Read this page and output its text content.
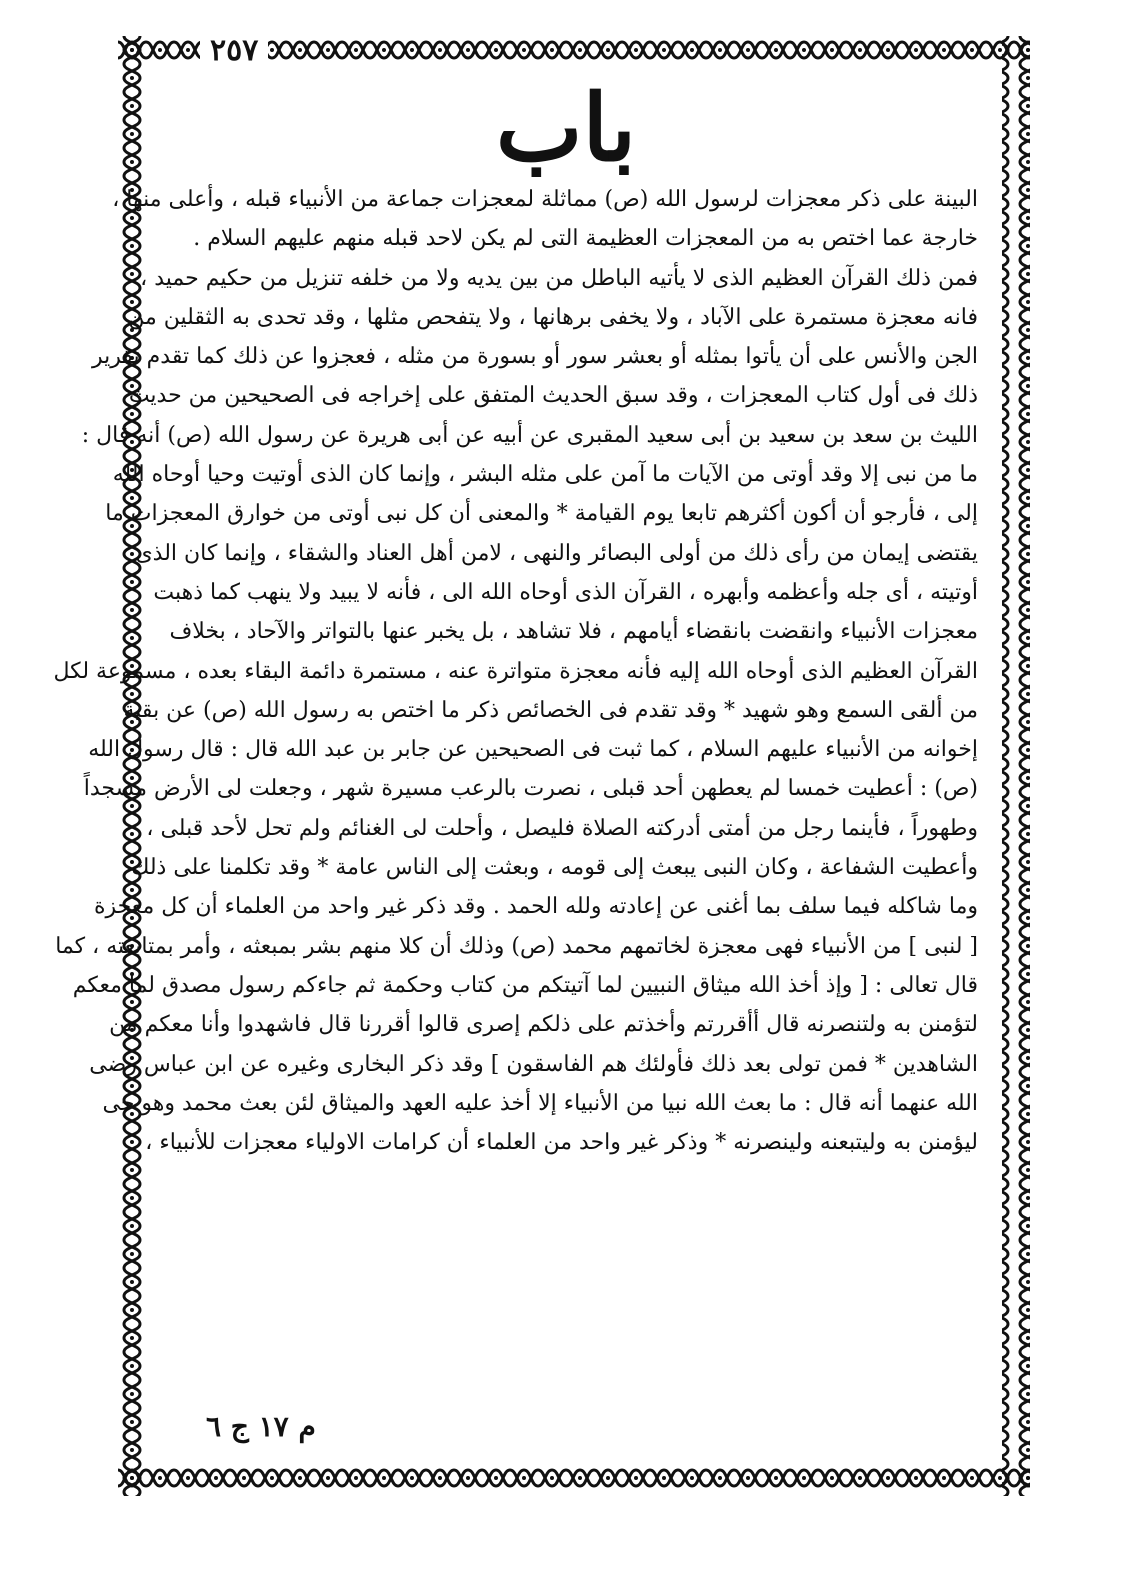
٢٥٧
باب
البينة على ذكر معجزات لرسول الله (ص) مماثلة لمعجزات جماعة من الأنبياء قبله ، وأعلى منها ،
خارجة عما اختص به من المعجزات العظيمة التى لم يكن لاحد قبله منهم عليهم السلام .
فمن ذلك القرآن العظيم الذى لا يأتيه الباطل من بين يديه ولا من خلفه تنزيل من حكيم حميد ،
فانه معجزة مستمرة على الآباد ، ولا يخفى برهانها ، ولا يتفحص مثلها ، وقد تحدى به الثقلين من
الجن والأنس على أن يأتوا بمثله أو بعشر سور أو بسورة من مثله ، فعجزوا عن ذلك كما تقدم تقرير
ذلك فى أول كتاب المعجزات ، وقد سبق الحديث المتفق على إخراجه فى الصحيحين من حديث
الليث بن سعد بن سعيد بن أبى سعيد المقبرى عن أبيه عن أبى هريرة عن رسول الله (ص) أنه قال :
ما من نبى إلا وقد أوتى من الآيات ما آمن على مثله البشر ، وإنما كان الذى أوتيت وحيا أوحاه الله
إلى ، فأرجو أن أكون أكثرهم تابعا يوم القيامة * والمعنى أن كل نبى أوتى من خوارق المعجزات ما
يقتضى إيمان من رأى ذلك من أولى البصائر والنهى ، لامن أهل العناد والشقاء ، وإنما كان الذى
أوتيته ، أى جله وأعظمه وأبهره ، القرآن الذى أوحاه الله الى ، فأنه لا يبيد ولا ينهب كما ذهبت
معجزات الأنبياء وانقضت بانقضاء أيامهم ، فلا تشاهد ، بل يخبر عنها بالتواتر والآحاد ، بخلاف
القرآن العظيم الذى أوحاه الله إليه فأنه معجزة متواترة عنه ، مستمرة دائمة البقاء بعده ، مسموعة لكل
من ألقى السمع وهو شهيد * وقد تقدم فى الخصائص ذكر ما اختص به رسول الله (ص) عن بقية
إخوانه من الأنبياء عليهم السلام ، كما ثبت فى الصحيحين عن جابر بن عبد الله قال : قال رسول الله
(ص) : أعطيت خمسا لم يعطهن أحد قبلى ، نصرت بالرعب مسيرة شهر ، وجعلت لى الأرض مسجداً
وطهوراً ، فأينما رجل من أمتى أدركته الصلاة فليصل ، وأحلت لى الغنائم ولم تحل لأحد قبلى ،
وأعطيت الشفاعة ، وكان النبى يبعث إلى قومه ، وبعثت إلى الناس عامة * وقد تكلمنا على ذلك
وما شاكله فيما سلف بما أغنى عن إعادته ولله الحمد . وقد ذكر غير واحد من العلماء أن كل معجزة
[ لنبى ] من الأنبياء فهى معجزة لخاتمهم محمد (ص) وذلك أن كلا منهم بشر بمبعثه ، وأمر بمتابعته ، كما
قال تعالى : [ وإذ أخذ الله ميثاق النبيين لما آتيتكم من كتاب وحكمة ثم جاءكم رسول مصدق لما معكم
لتؤمنن به ولتنصرنه قال أأقررتم وأخذتم على ذلكم إصرى قالوا أقررنا قال فاشهدوا وأنا معكم من
الشاهدين * فمن تولى بعد ذلك فأولئك هم الفاسقون ] وقد ذكر البخارى وغيره عن ابن عباس رضى
الله عنهما أنه قال : ما بعث الله نبيا من الأنبياء إلا أخذ عليه العهد والميثاق لئن بعث محمد وهو حى
ليؤمنن به وليتبعنه ولينصرنه * وذكر غير واحد من العلماء أن كرامات الاولياء معجزات للأنبياء ،
م ١٧ ج ٦
